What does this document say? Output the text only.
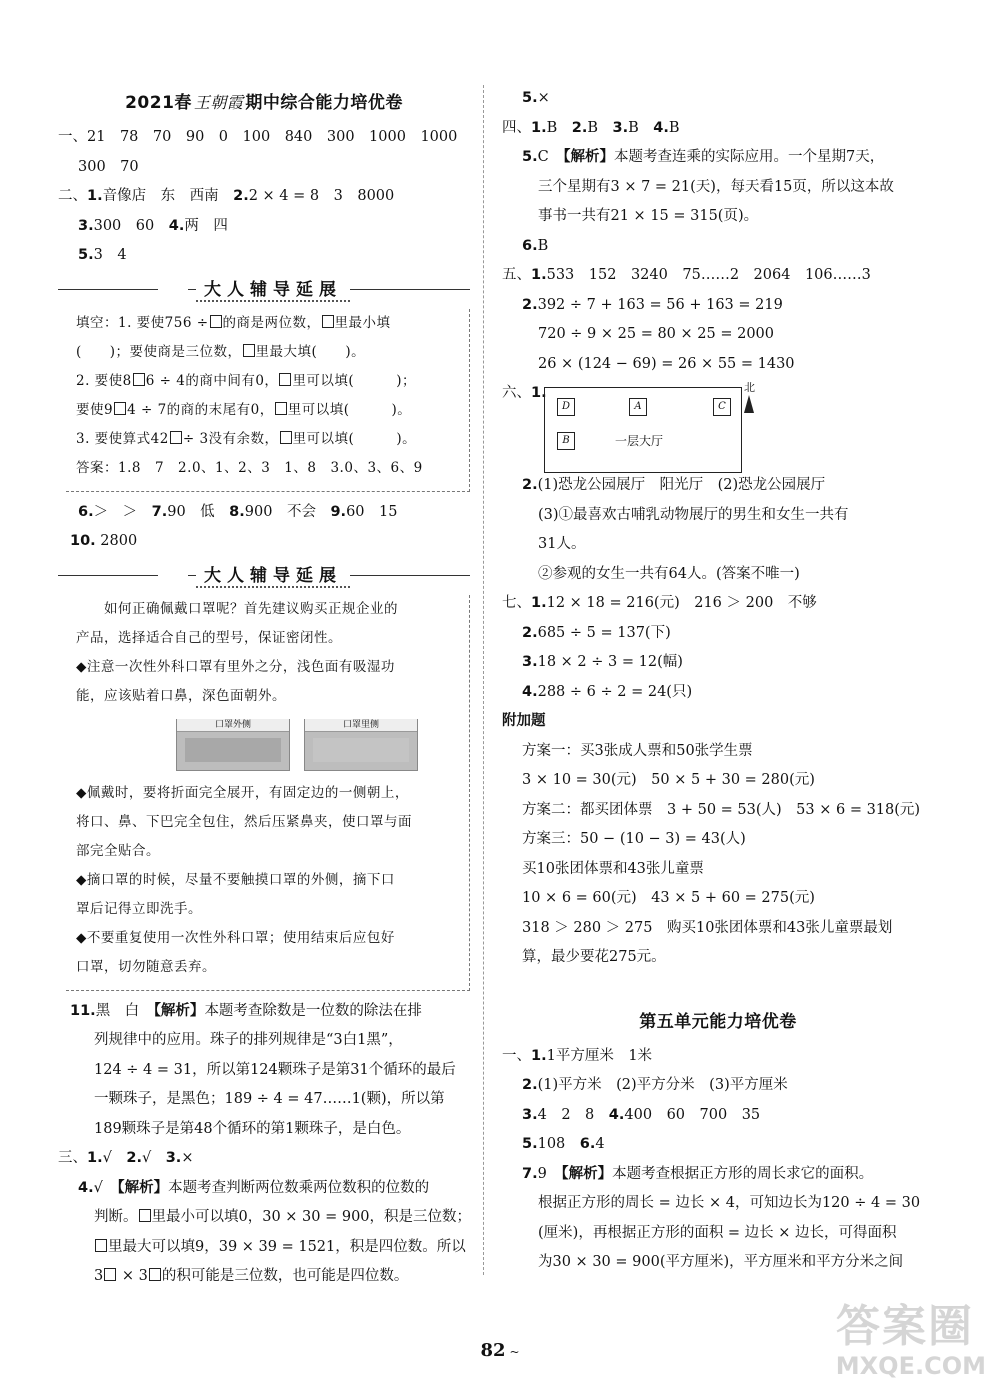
2021春 王朝霞 期中综合能力培优卷
一、21　78　70　90　0　100　840　300　1000　1000
300　70
二、1.音像店　东　西南　 2.2 × 4 = 8　3　8000
3.300　60　 4.两　四
5.3　4
大人辅导延展
填空：1. 要使756 ÷ 的商是两位数， 里最小填
(　　)；要使商是三位数， 里最大填(　　)。
2. 要使8 6 ÷ 4的商中间有0， 里可以填(　　　)；
要使9 4 ÷ 7的商的末尾有0， 里可以填(　　　)。
3. 要使算式42 ÷ 3没有余数， 里可以填(　　　)。
答案：1.8　7　2.0、1、2、3　1、8　3.0、3、6、9
6.＞　＞　7.90　低　8.900　不会　9.60　15
10. 2800
大人辅导延展
如何正确佩戴口罩呢？首先建议购买正规企业的
产品，选择适合自己的型号，保证密闭性。
◆注意一次性外科口罩有里外之分，浅色面有吸湿功
能，应该贴着口鼻，深色面朝外。
口罩外侧	口罩里侧
◆佩戴时，要将折面完全展开，有固定边的一侧朝上，
将口、鼻、下巴完全包住，然后压紧鼻夹，使口罩与面
部完全贴合。
◆摘口罩的时候，尽量不要触摸口罩的外侧，摘下口
罩后记得立即洗手。
◆不要重复使用一次性外科口罩；使用结束后应包好
口罩，切勿随意丢弃。
11.黑　白　【解析】本题考查除数是一位数的除法在排
列规律中的应用。珠子的排列规律是“3白1黑”，
124 ÷ 4 = 31，所以第124颗珠子是第31个循环的最后
一颗珠子，是黑色；189 ÷ 4 = 47……1(颗)，所以第
189颗珠子是第48个循环的第1颗珠子，是白色。
三、1.√　2.√　3.×
4.√　【解析】本题考查判断两位数乘两位数积的位数的
判断。 里最小可以填0，30 × 30 = 900，积是三位数；
里最大可以填9，39 × 39 = 1521，积是四位数。所以
3 × 3 的积可能是三位数，也可能是四位数。
5.×
四、1.B　2.B　3.B　4.B
5.C　【解析】本题考查连乘的实际应用。一个星期7天，
三个星期有3 × 7 = 21(天)，每天看15页，所以这本故
事书一共有21 × 15 = 315(页)。
6.B
五、1.533　152　3240　75……2　2064　106……3
2.392 ÷ 7 + 163 = 56 + 163 = 219
720 ÷ 9 × 25 = 80 × 25 = 2000
26 × (124 − 69) = 26 × 55 = 1430
六、1.
D	A	C
B	一层大厅
北
2.(1)恐龙公园展厅　阳光厅　(2)恐龙公园展厅
(3)①最喜欢古哺乳动物展厅的男生和女生一共有
31人。
②参观的女生一共有64人。(答案不唯一)
七、1.12 × 18 = 216(元)　216 ＞ 200　不够
2.685 ÷ 5 = 137(下)
3.18 × 2 ÷ 3 = 12(幅)
4.288 ÷ 6 ÷ 2 = 24(只)
附加题
方案一：买3张成人票和50张学生票
3 × 10 = 30(元)　50 × 5 + 30 = 280(元)
方案二：都买团体票　3 + 50 = 53(人)　53 × 6 = 318(元)
方案三：50 − (10 − 3) = 43(人)
买10张团体票和43张儿童票
10 × 6 = 60(元)　43 × 5 + 60 = 275(元)
318 ＞ 280 ＞ 275　购买10张团体票和43张儿童票最划
算，最少要花275元。
第五单元能力培优卷
一、1.1平方厘米　1米
2.(1)平方米　(2)平方分米　(3)平方厘米
3.4　2　8　4.400　60　700　35
5.108　6.4
7.9　【解析】本题考查根据正方形的周长求它的面积。
根据正方形的周长 = 边长 × 4，可知边长为120 ÷ 4 = 30
(厘米)，再根据正方形的面积 = 边长 × 边长，可得面积
为30 × 30 = 900(平方厘米)，平方厘米和平方分米之间
82 ~	答案圈
MXQE.COM
